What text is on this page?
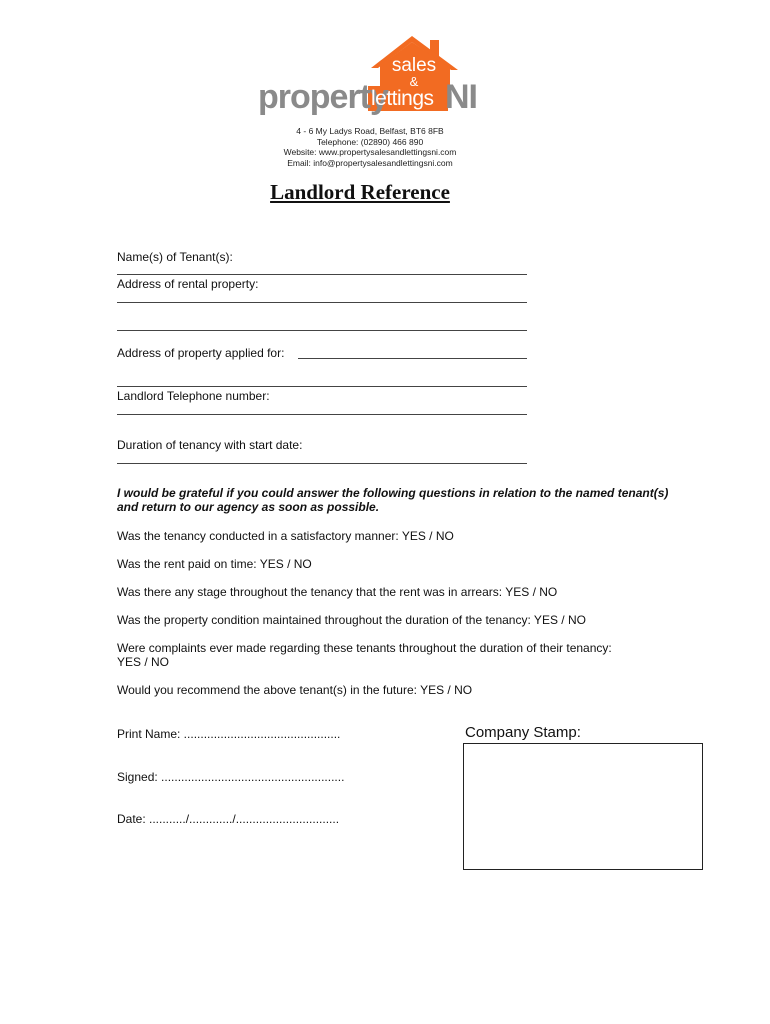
property
sales
&
lettings NI
4 - 6 My Ladys Road, Belfast, BT6 8FB
Telephone: (02890) 466 890
Website: www.propertysalesandlettingsni.com
Email: info@propertysalesandlettingsni.com
Landlord Reference
Name(s) of Tenant(s):
Address of rental property:
Address of property applied for:
Landlord Telephone number:
Duration of tenancy with start date:
I would be grateful if you could answer the following questions in relation to the named tenant(s) and return to our agency as soon as possible.
Was the tenancy conducted in a satisfactory manner: YES / NO
Was the rent paid on time: YES / NO
Was there any stage throughout the tenancy that the rent was in arrears: YES / NO
Was the property condition maintained throughout the duration of the tenancy: YES / NO
Were complaints ever made regarding these tenants throughout the duration of their tenancy:
YES / NO
Would you recommend the above tenant(s) in the future: YES / NO
Print Name: ...............................................
Signed: .......................................................
Date: .........../............./...............................
Company Stamp:
